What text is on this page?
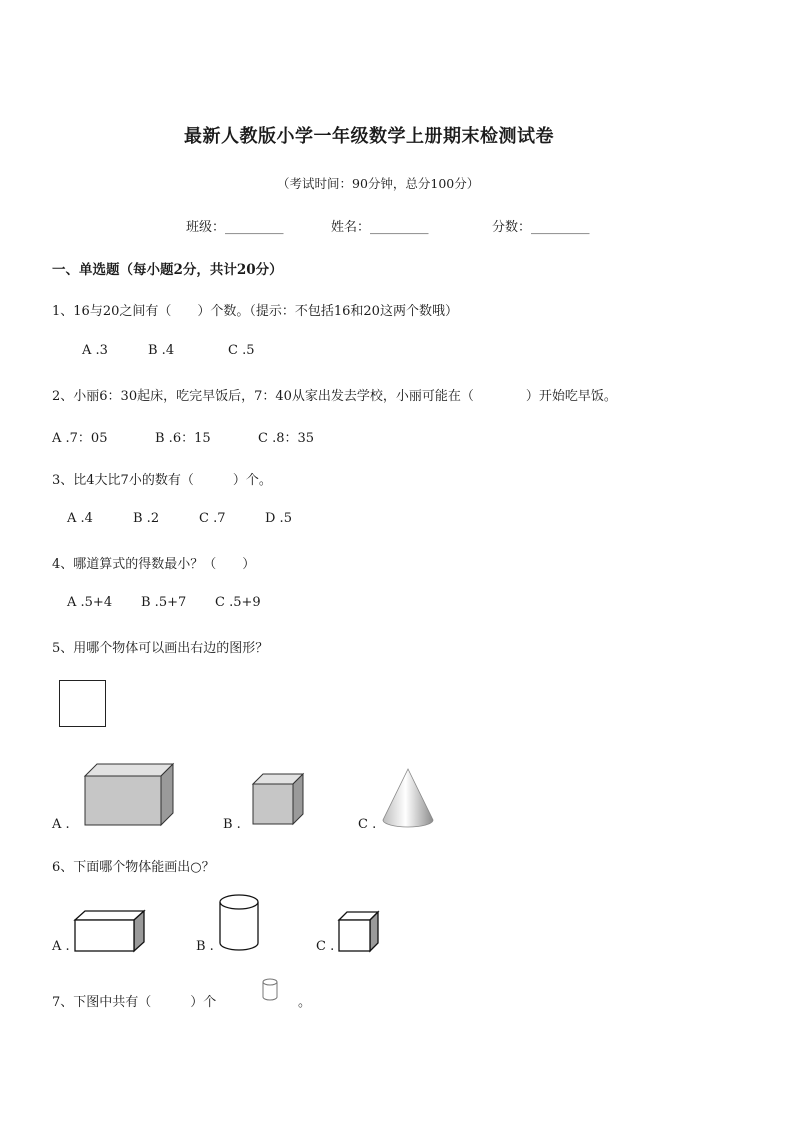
最新人教版小学一年级数学上册期末检测试卷
（考试时间：90分钟，总分100分）
班级：_________	姓名：_________	分数：_________
一、单选题（每小题2分，共计20分）
1、16与20之间有（　　）个数。（提示：不包括16和20这两个数哦）
A .3	B .4	C .5
2、小丽6：30起床，吃完早饭后，7：40从家出发去学校，小丽可能在（　　　　）开始吃早饭。
A .7：05	B .6：15	C .8：35
3、比4大比7小的数有（　　　）个。
A .4	B .2	C .7	D .5
4、哪道算式的得数最小？（　　）
A .5+4 B .5+7 C .5+9
5、用哪个物体可以画出右边的图形？
A .	B .	C .
6、下面哪个物体能画出○？
A .	B .	C .
7、下图中共有（　　　）个	。
